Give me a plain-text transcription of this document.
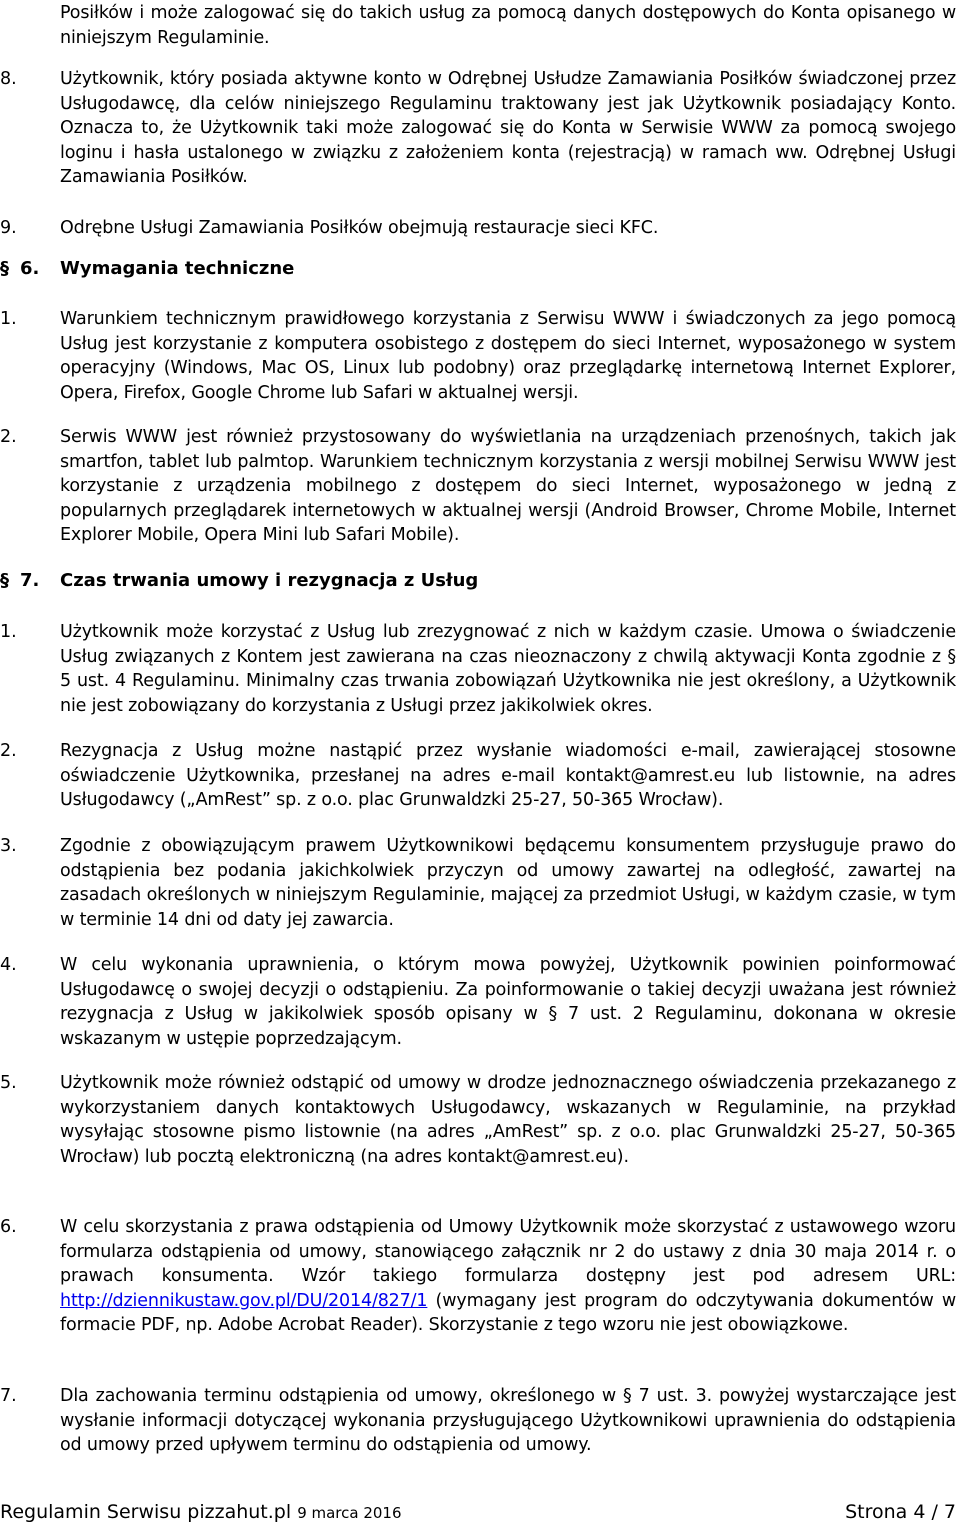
Posiłków i może zalogować się do takich usług za pomocą danych dostępowych do Konta opisanego w niniejszym Regulaminie.
8. Użytkownik, który posiada aktywne konto w Odrębnej Usłudze Zamawiania Posiłków świadczonej przez Usługodawcę, dla celów niniejszego Regulaminu traktowany jest jak Użytkownik posiadający Konto. Oznacza to, że Użytkownik taki może zalogować się do Konta w Serwisie WWW za pomocą swojego loginu i hasła ustalonego w związku z założeniem konta (rejestracją) w ramach ww. Odrębnej Usługi Zamawiania Posiłków.
9. Odrębne Usługi Zamawiania Posiłków obejmują restauracje sieci KFC.
§ 6. Wymagania techniczne
1. Warunkiem technicznym prawidłowego korzystania z Serwisu WWW i świadczonych za jego pomocą Usług jest korzystanie z komputera osobistego z dostępem do sieci Internet, wyposażonego w system operacyjny (Windows, Mac OS, Linux lub podobny) oraz przeglądarkę internetową Internet Explorer, Opera, Firefox, Google Chrome lub Safari w aktualnej wersji.
2. Serwis WWW jest również przystosowany do wyświetlania na urządzeniach przenośnych, takich jak smartfon, tablet lub palmtop. Warunkiem technicznym korzystania z wersji mobilnej Serwisu WWW jest korzystanie z urządzenia mobilnego z dostępem do sieci Internet, wyposażonego w jedną z popularnych przeglądarek internetowych w aktualnej wersji (Android Browser, Chrome Mobile, Internet Explorer Mobile, Opera Mini lub Safari Mobile).
§ 7. Czas trwania umowy i rezygnacja z Usług
1. Użytkownik może korzystać z Usług lub zrezygnować z nich w każdym czasie. Umowa o świadczenie Usług związanych z Kontem jest zawierana na czas nieoznaczony z chwilą aktywacji Konta zgodnie z § 5 ust. 4 Regulaminu. Minimalny czas trwania zobowiązań Użytkownika nie jest określony, a Użytkownik nie jest zobowiązany do korzystania z Usługi przez jakikolwiek okres.
2. Rezygnacja z Usług możne nastąpić przez wysłanie wiadomości e-mail, zawierającej stosowne oświadczenie Użytkownika, przesłanej na adres e-mail kontakt@amrest.eu lub listownie, na adres Usługodawcy („AmRest” sp. z o.o. plac Grunwaldzki 25-27, 50-365 Wrocław).
3. Zgodnie z obowiązującym prawem Użytkownikowi będącemu konsumentem przysługuje prawo do odstąpienia bez podania jakichkolwiek przyczyn od umowy zawartej na odległość, zawartej na zasadach określonych w niniejszym Regulaminie, mającej za przedmiot Usługi, w każdym czasie, w tym w terminie 14 dni od daty jej zawarcia.
4. W celu wykonania uprawnienia, o którym mowa powyżej, Użytkownik powinien poinformować Usługodawcę o swojej decyzji o odstąpieniu. Za poinformowanie o takiej decyzji uważana jest również rezygnacja z Usług w jakikolwiek sposób opisany w § 7 ust. 2 Regulaminu, dokonana w okresie wskazanym w ustępie poprzedzającym.
5. Użytkownik może również odstąpić od umowy w drodze jednoznacznego oświadczenia przekazanego z wykorzystaniem danych kontaktowych Usługodawcy, wskazanych w Regulaminie, na przykład wysyłając stosowne pismo listownie (na adres „AmRest” sp. z o.o. plac Grunwaldzki 25-27, 50-365 Wrocław) lub pocztą elektroniczną (na adres kontakt@amrest.eu).
6. W celu skorzystania z prawa odstąpienia od Umowy Użytkownik może skorzystać z ustawowego wzoru formularza odstąpienia od umowy, stanowiącego załącznik nr 2 do ustawy z dnia 30 maja 2014 r. o prawach konsumenta. Wzór takiego formularza dostępny jest pod adresem URL: http://dziennikustaw.gov.pl/DU/2014/827/1 (wymagany jest program do odczytywania dokumentów w formacie PDF, np. Adobe Acrobat Reader). Skorzystanie z tego wzoru nie jest obowiązkowe.
7. Dla zachowania terminu odstąpienia od umowy, określonego w § 7 ust. 3. powyżej wystarczające jest wysłanie informacji dotyczącej wykonania przysługującego Użytkownikowi uprawnienia do odstąpienia od umowy przed upływem terminu do odstąpienia od umowy.
Regulamin Serwisu pizzahut.pl 9 marca 2016	Strona 4 / 7
